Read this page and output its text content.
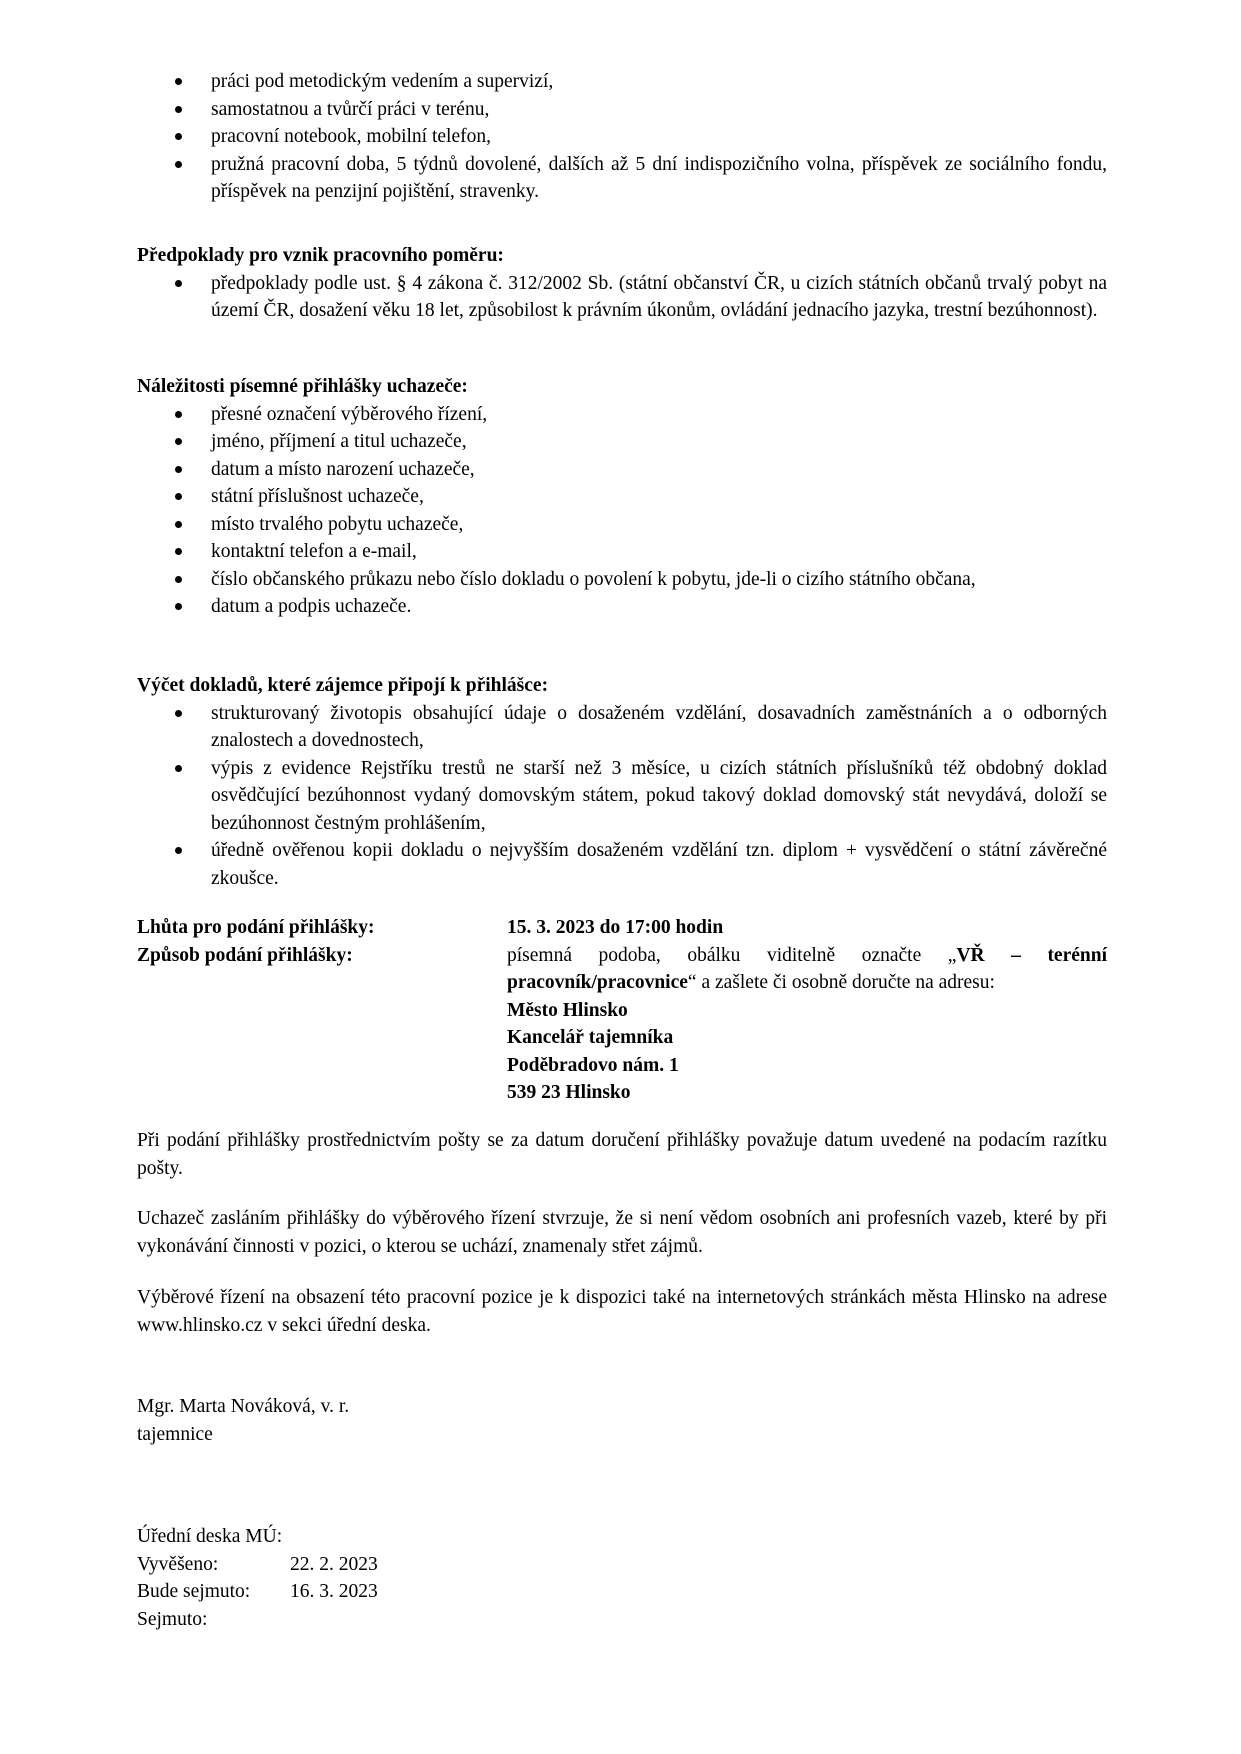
práci pod metodickým vedením a supervizí,
samostatnou a tvůrčí práci v terénu,
pracovní notebook, mobilní telefon,
pružná pracovní doba, 5 týdnů dovolené, dalších až 5 dní indispozičního volna, příspěvek ze sociálního fondu, příspěvek na penzijní pojištění, stravenky.
Předpoklady pro vznik pracovního poměru:
předpoklady podle ust. § 4 zákona č. 312/2002 Sb. (státní občanství ČR, u cizích státních občanů trvalý pobyt na území ČR, dosažení věku 18 let, způsobilost k právním úkonům, ovládání jednacího jazyka, trestní bezúhonnost).
Náležitosti písemné přihlášky uchazeče:
přesné označení výběrového řízení,
jméno, příjmení a titul uchazeče,
datum a místo narození uchazeče,
státní příslušnost uchazeče,
místo trvalého pobytu uchazeče,
kontaktní telefon a e-mail,
číslo občanského průkazu nebo číslo dokladu o povolení k pobytu, jde-li o cizího státního občana,
datum a podpis uchazeče.
Výčet dokladů, které zájemce připojí k přihlášce:
strukturovaný životopis obsahující údaje o dosaženém vzdělání, dosavadních zaměstnáních a o odborných znalostech a dovednostech,
výpis z evidence Rejstříku trestů ne starší než 3 měsíce, u cizích státních příslušníků též obdobný doklad osvědčující bezúhonnost vydaný domovským státem, pokud takový doklad domovský stát nevydává, doloží se bezúhonnost čestným prohlášením,
úředně ověřenou kopii dokladu o nejvyšším dosaženém vzdělání tzn. diplom + vysvědčení o státní závěrečné zkoušce.
Lhůta pro podání přihlášky:	15. 3. 2023 do 17:00 hodin
Způsob podání přihlášky:	písemná podoba, obálku viditelně označte „VŘ – terénní pracovník/pracovnice“ a zašlete či osobně doručte na adresu:
Město Hlinsko
Kancelář tajemníka
Poděbradovo nám. 1
539 23 Hlinsko
Při podání přihlášky prostřednictvím pošty se za datum doručení přihlášky považuje datum uvedené na podacím razítku pošty.
Uchazeč zasláním přihlášky do výběrového řízení stvrzuje, že si není vědom osobních ani profesních vazeb, které by při vykonávání činnosti v pozici, o kterou se uchází, znamenaly střet zájmů.
Výběrové řízení na obsazení této pracovní pozice je k dispozici také na internetových stránkách města Hlinsko na adrese www.hlinsko.cz v sekci úřední deska.
Mgr. Marta Nováková, v. r.
tajemnice
Úřední deska MÚ:
Vyvěšeno:	22. 2. 2023
Bude sejmuto: 16. 3. 2023
Sejmuto:
